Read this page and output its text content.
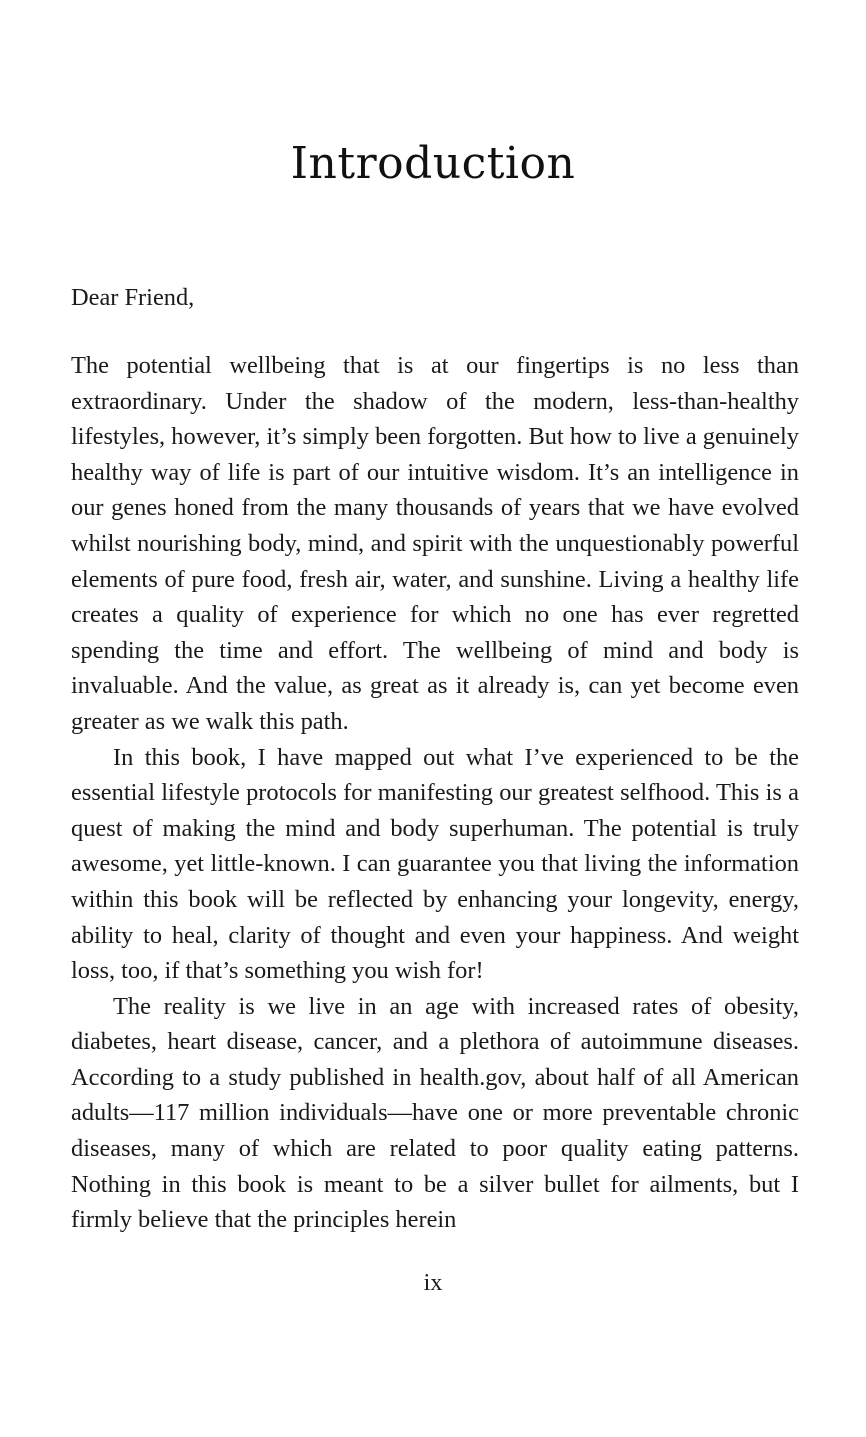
Introduction

Dear Friend,

The potential wellbeing that is at our fingertips is no less than extraordinary. Under the shadow of the modern, less-than-healthy lifestyles, however, it’s simply been forgotten. But how to live a genuinely healthy way of life is part of our intuitive wisdom. It’s an intelligence in our genes honed from the many thousands of years that we have evolved whilst nourishing body, mind, and spirit with the unquestionably powerful elements of pure food, fresh air, water, and sunshine. Living a healthy life creates a quality of experience for which no one has ever regretted spending the time and effort. The wellbeing of mind and body is invaluable. And the value, as great as it already is, can yet become even greater as we walk this path.

In this book, I have mapped out what I’ve experienced to be the essential lifestyle protocols for manifesting our greatest selfhood. This is a quest of making the mind and body superhuman. The potential is truly awesome, yet little-known. I can guarantee you that living the information within this book will be reflected by enhancing your longevity, energy, ability to heal, clarity of thought and even your happiness. And weight loss, too, if that’s something you wish for!

The reality is we live in an age with increased rates of obesity, diabetes, heart disease, cancer, and a plethora of autoimmune diseases. According to a study published in health.gov, about half of all American adults—117 million individuals—have one or more preventable chronic diseases, many of which are related to poor quality eating patterns. Nothing in this book is meant to be a silver bullet for ailments, but I firmly believe that the principles herein

ix
